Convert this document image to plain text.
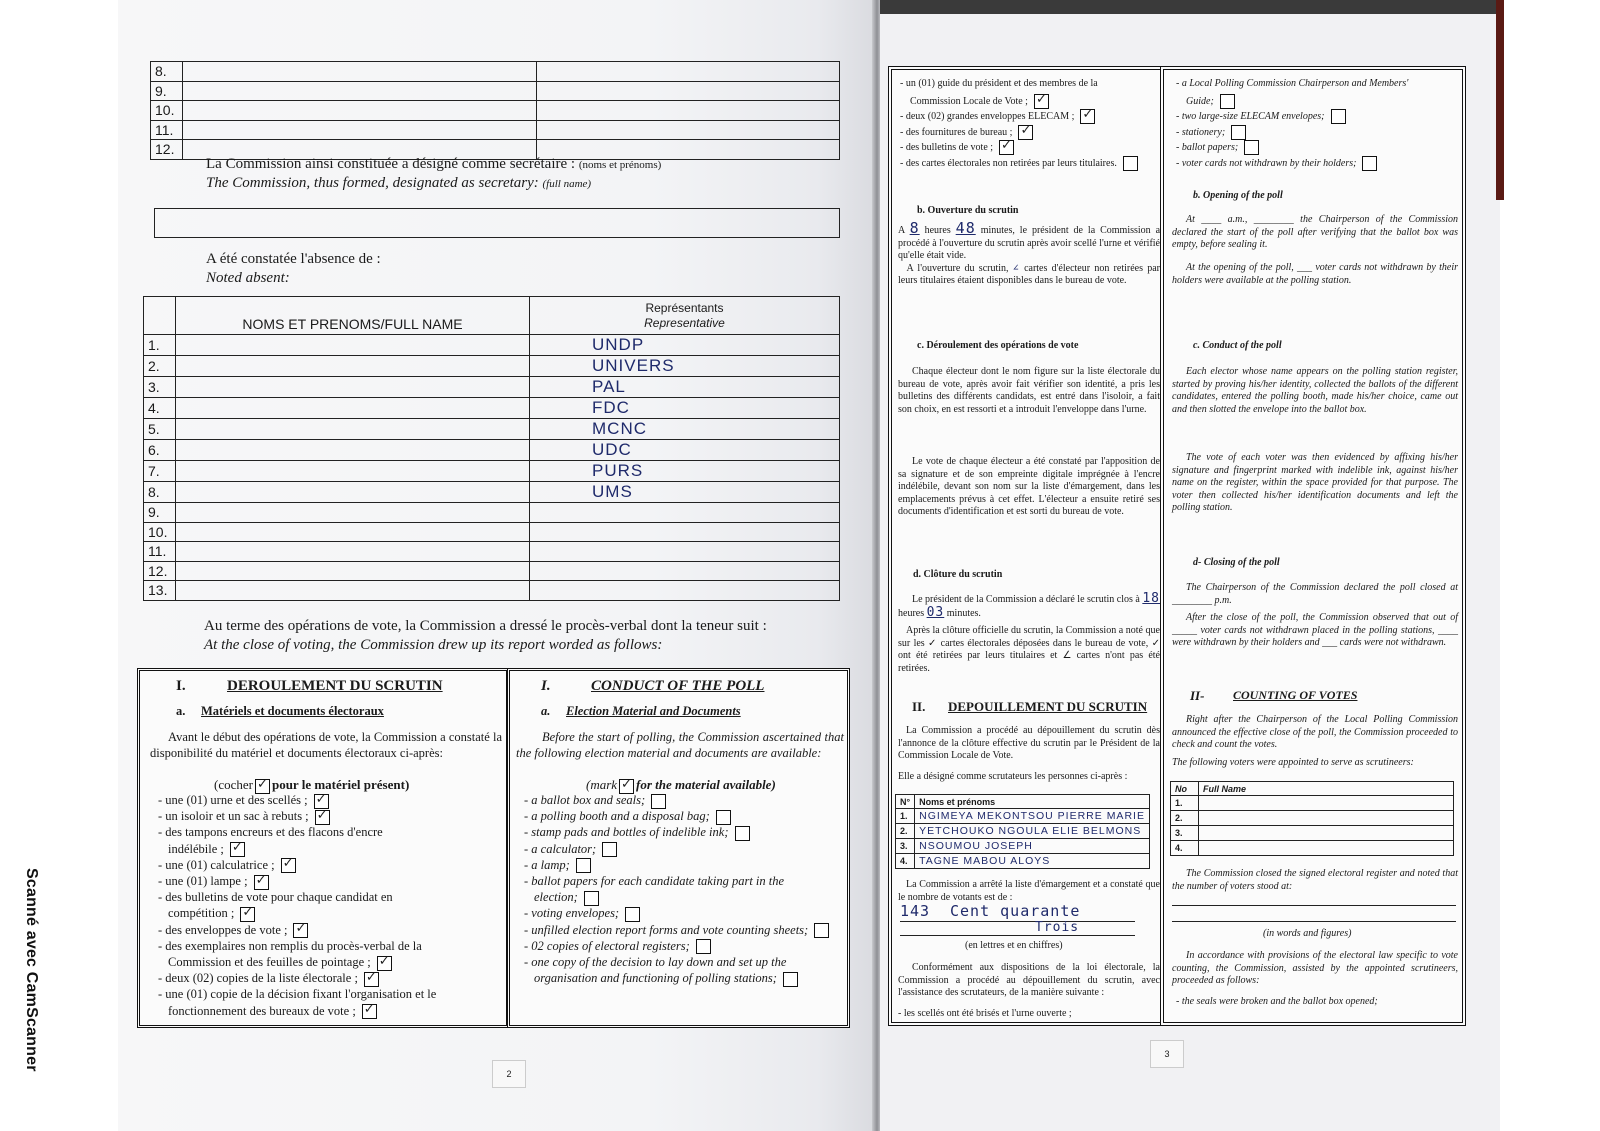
Scanné avec CamScanner
8.		
9.		
10.		
11.		
12.		
La Commission ainsi constituée a désigné comme secrétaire : (noms et prénoms)
The Commission, thus formed, designated as secretary: (full name)
A été constatée l'absence de :
Noted absent:
	NOMS ET PRENOMS/FULL NAME	Représentants
Representative

1.		UNDP
2.		UNIVERS
3.		PAL
4.		FDC
5.		MCNC
6.		UDC
7.		PURS
8.		UMS
9.		
10.		
11.		
12.		
13.		
Au terme des opérations de vote, la Commission a dressé le procès-verbal dont la teneur suit :
At the close of voting, the Commission drew up its report worded as follows:
I.	DEROULEMENT DU SCRUTIN
a. Matériels et documents électoraux
Avant le début des opérations de vote, la Commission a constaté la disponibilité du matériel et documents électoraux ci-après:
(cocher ✓ pour le matériel présent)
- une (01) urne et des scellés ;✓
- un isoloir et un sac à rebuts ;✓
- des tampons encreurs et des flacons d'encre
indélébile ;✓
- une (01) calculatrice ;✓
- une (01) lampe ;✓
- des bulletins de vote pour chaque candidat en
compétition ;✓
- des enveloppes de vote ;✓
- des exemplaires non remplis du procès-verbal de la
Commission et des feuilles de pointage ;✓
- deux (02) copies de la liste électorale ;✓
- une (01) copie de la décision fixant l'organisation et le
fonctionnement des bureaux de vote ;✓
I.	CONDUCT OF THE POLL
a. Election Material and Documents
Before the start of polling, the Commission ascertained that the following election material and documents are available:
(mark ✓ for the material available)
- a ballot box and seals;
- a polling booth and a disposal bag;
- stamp pads and bottles of indelible ink;
- a calculator;
- a lamp;
- ballot papers for each candidate taking part in the
election;
- voting envelopes;
- unfilled election report forms and vote counting sheets;
- 02 copies of electoral registers;
- one copy of the decision to lay down and set up the
organisation and functioning of polling stations;
2
- un (01) guide du président et des membres de la
Commission Locale de Vote ;✓
- deux (02) grandes enveloppes ELECAM ;✓
- des fournitures de bureau ;✓
- des bulletins de vote ;✓
- des cartes électorales non retirées par leurs titulaires.
- a Local Polling Commission Chairperson and Members'
Guide;
- two large-size ELECAM envelopes;
- stationery;
- ballot papers;
- voter cards not withdrawn by their holders;
b. Ouverture du scrutin
A 8 heures 48 minutes, le président de la Commission a procédé à l'ouverture du scrutin après avoir scellé l'urne et vérifié qu'elle était vide.
A l'ouverture du scrutin, ∠ cartes d'électeur non retirées par leurs titulaires étaient disponibles dans le bureau de vote.
c. Déroulement des opérations de vote
Chaque électeur dont le nom figure sur la liste électorale du bureau de vote, après avoir fait vérifier son identité, a pris les bulletins des différents candidats, est entré dans l'isoloir, a fait son choix, en est ressorti et a introduit l'enveloppe dans l'urne.
Le vote de chaque électeur a été constaté par l'apposition de sa signature et de son empreinte digitale imprégnée à l'encre indélébile, devant son nom sur la liste d'émargement, dans les emplacements prévus à cet effet. L'électeur a ensuite retiré ses documents d'identification et est sorti du bureau de vote.
d. Clôture du scrutin
Le président de la Commission a déclaré le scrutin clos à 18 heures 03 minutes.
Après la clôture officielle du scrutin, la Commission a noté que sur les ✓ cartes électorales déposées dans le bureau de vote, ✓ ont été retirées par leurs titulaires et ∠ cartes n'ont pas été retirées.
II. DEPOUILLEMENT DU SCRUTIN
La Commission a procédé au dépouillement du scrutin dès l'annonce de la clôture effective du scrutin par le Président de la Commission Locale de Vote.
Elle a désigné comme scrutateurs les personnes ci-après :
N°	Noms et prénoms
1.	NGIMEYA MEKONTSOU PIERRE MARIE
2.	YETCHOUKO NGOULA ELIE BELMONS
3.	NSOUMOU JOSEPH
4.	TAGNE MABOU ALOYS
La Commission a arrêté la liste d'émargement et a constaté que le nombre de votants est de :
143 Cent quarante
Trois
(en lettres et en chiffres)
Conformément aux dispositions de la loi électorale, la Commission a procédé au dépouillement du scrutin, avec l'assistance des scrutateurs, de la manière suivante :
- les scellés ont été brisés et l'urne ouverte ;
b. Opening of the poll
At ____ a.m., ________ the Chairperson of the Commission declared the start of the poll after verifying that the ballot box was empty, before sealing it.
At the opening of the poll, ___ voter cards not withdrawn by their holders were available at the polling station.
c. Conduct of the poll
Each elector whose name appears on the polling station register, started by proving his/her identity, collected the ballots of the different candidates, entered the polling booth, made his/her choice, came out and then slotted the envelope into the ballot box.
The vote of each voter was then evidenced by affixing his/her signature and fingerprint marked with indelible ink, against his/her name on the register, within the space provided for that purpose. The voter then collected his/her identification documents and left the polling station.
d- Closing of the poll
The Chairperson of the Commission declared the poll closed at ________ p.m.
After the close of the poll, the Commission observed that out of _____ voter cards not withdrawn placed in the polling stations, ____ were withdrawn by their holders and ___ cards were not withdrawn.
II- COUNTING OF VOTES
Right after the Chairperson of the Local Polling Commission announced the effective close of the poll, the Commission proceeded to check and count the votes.
The following voters were appointed to serve as scrutineers:
No	Full Name
1.	
2.	
3.	
4.	
The Commission closed the signed electoral register and noted that the number of voters stood at:
(in words and figures)
In accordance with provisions of the electoral law specific to vote counting, the Commission, assisted by the appointed scrutineers, proceeded as follows:
- the seals were broken and the ballot box opened;
3
